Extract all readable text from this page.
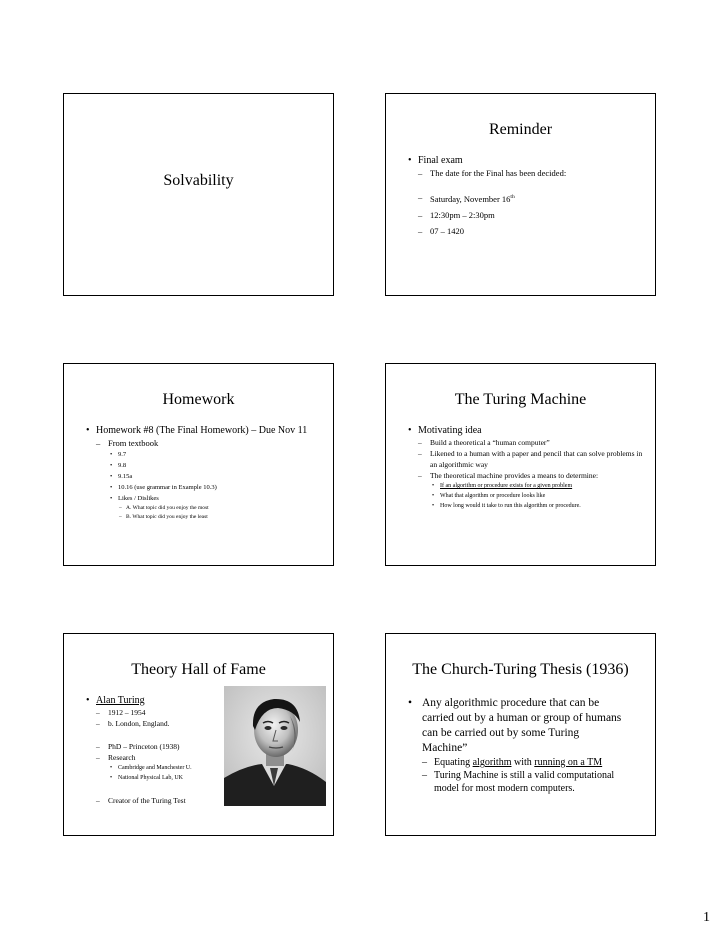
Solvability
Reminder
• Final exam
– The date for the Final has been decided:
– Saturday, November 16th
– 12:30pm – 2:30pm
– 07 – 1420
Homework
• Homework #8 (The Final Homework) – Due Nov 11
– From textbook
• 9.7
• 9.8
• 9.15a
• 10.16 (use grammar in Example 10.3)
• Likes / Dislikes
– A. What topic did you enjoy the most
– B. What topic did you enjoy the least
The Turing Machine
• Motivating idea
– Build a theoretical a “human computer”
– Likened to a human with a paper and pencil that can solve problems in an algorithmic way
– The theoretical machine provides a means to determine:
• If an algorithm or procedure exists for a given problem
• What that algorithm or procedure looks like
• How long would it take to run this algorithm or procedure.
Theory Hall of Fame
• Alan Turing
– 1912 – 1954
– b. London, England.
– PhD – Princeton (1938)
– Research
• Cambridge and Manchester U.
• National Physical Lab, UK
– Creator of the Turing Test
The Church-Turing Thesis (1936)
• Any algorithmic procedure that can be carried out by a human or group of humans can be carried out by some Turing Machine”
– Equating algorithm with running on a TM
– Turing Machine is still a valid computational model for most modern computers.
1
